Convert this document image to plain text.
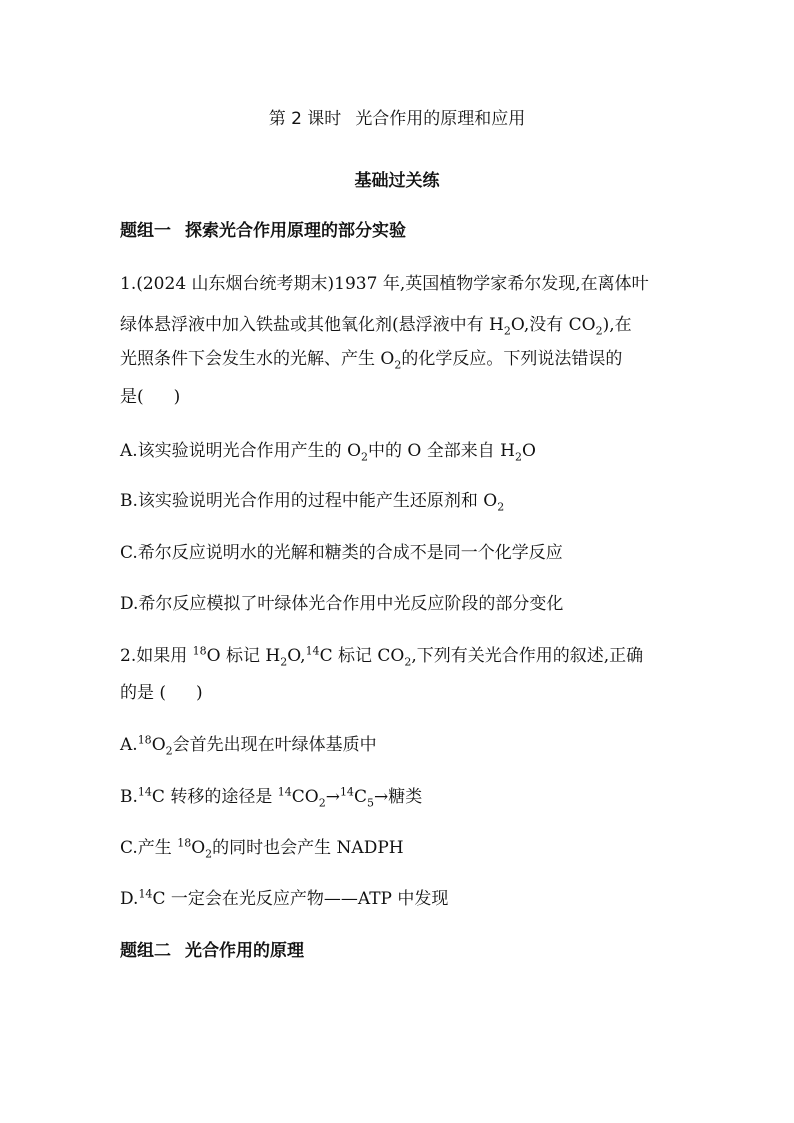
第 2 课时 光合作用的原理和应用
基础过关练
题组一 探索光合作用原理的部分实验
1.(2024 山东烟台统考期末)1937 年,英国植物学家希尔发现,在离体叶
绿体悬浮液中加入铁盐或其他氧化剂(悬浮液中有 $H_2O$,没有 $CO_2$),在
光照条件下会发生水的光解、产生 $O_2$的化学反应。下列说法错误的
是( )
A.该实验说明光合作用产生的 $O_2$中的 O 全部来自 $H_2O$
B.该实验说明光合作用的过程中能产生还原剂和 $O_2$
C.希尔反应说明水的光解和糖类的合成不是同一个化学反应
D.希尔反应模拟了叶绿体光合作用中光反应阶段的部分变化
2.如果用 $^{18}$O 标记 $H_2O,^{14}C$ 标记 $CO_2$,下列有关光合作用的叙述,正确
的是 ( )
$A.^{18}O_2$会首先出现在叶绿体基质中
B.$^{14}$C 转移的途径是 $^{14}CO_2\to^{14}C_5\to$糖类
C.产生 $^{18}O_2$的同时也会产生 NADPH
D.$^{14}$C 一定会在光反应产物——ATP 中发现
题组二 光合作用的原理
